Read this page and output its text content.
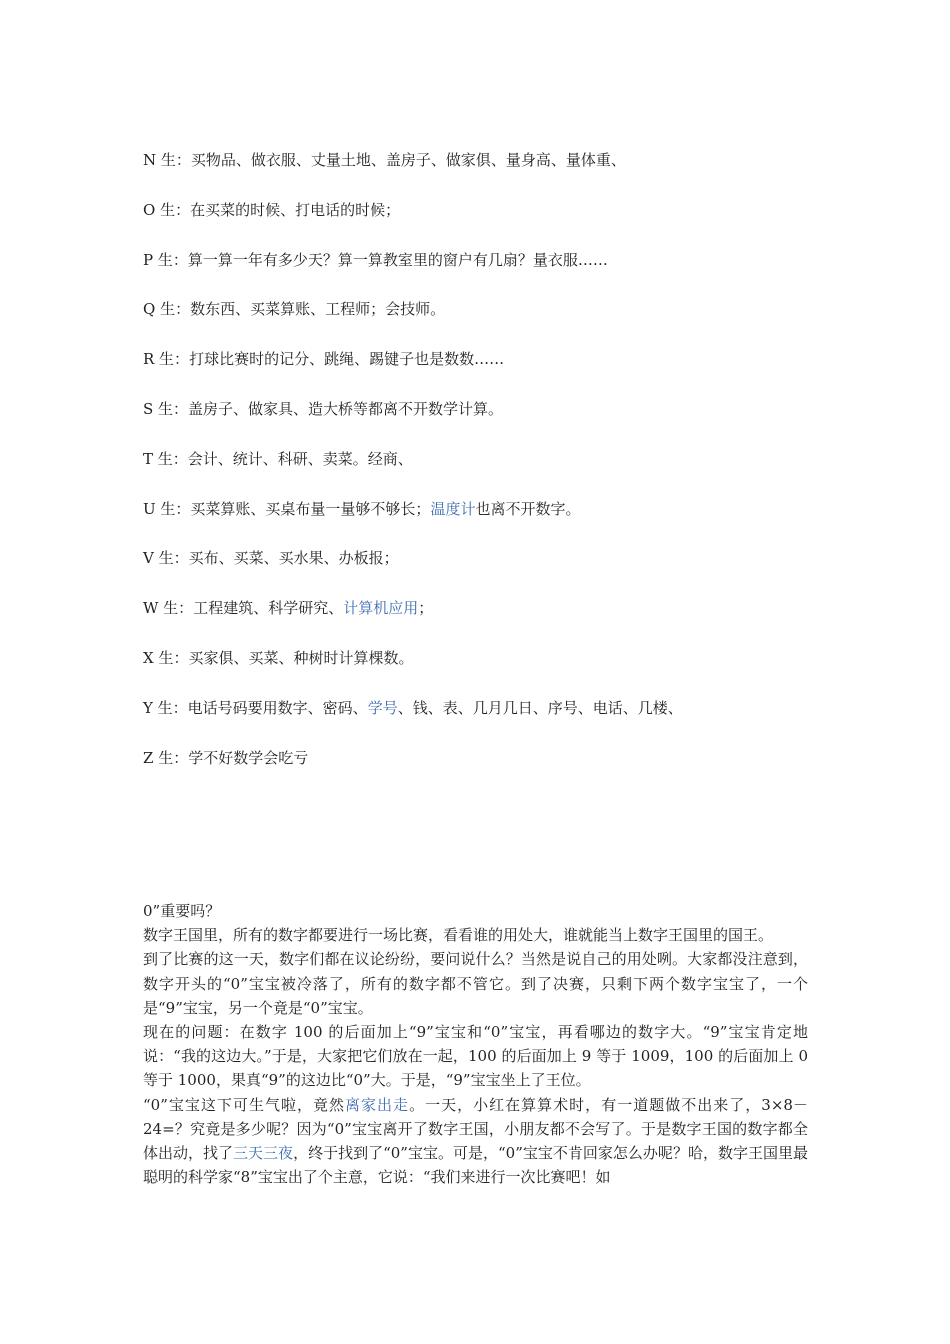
N 生：买物品、做衣服、丈量土地、盖房子、做家俱、量身高、量体重、
O 生：在买菜的时候、打电话的时候；
P 生：算一算一年有多少天？算一算教室里的窗户有几扇？量衣服……
Q 生：数东西、买菜算账、工程师；会技师。
R 生：打球比赛时的记分、跳绳、踢键子也是数数……
S 生：盖房子、做家具、造大桥等都离不开数学计算。
T 生：会计、统计、科研、卖菜。经商、
U 生：买菜算账、买桌布量一量够不够长；温度计也离不开数字。
V 生：买布、买菜、买水果、办板报；
W 生：工程建筑、科学研究、计算机应用；
X 生：买家俱、买菜、种树时计算棵数。
Y 生：电话号码要用数字、密码、学号、钱、表、几月几日、序号、电话、几楼、
Z 生：学不好数学会吃亏

0”重要吗？

数字王国里，所有的数字都要进行一场比赛，看看谁的用处大，谁就能当上数字王国里的国王。

到了比赛的这一天，数字们都在议论纷纷，要问说什么？当然是说自己的用处咧。大家都没注意到，数字开头的“0”宝宝被冷落了，所有的数字都不管它。到了决赛，只剩下两个数字宝宝了，一个是“9”宝宝，另一个竟是“0”宝宝。

现在的问题：在数字 100 的后面加上“9”宝宝和“0”宝宝，再看哪边的数字大。“9”宝宝肯定地说：“我的这边大。”于是，大家把它们放在一起，100 的后面加上 9 等于 1009，100 的后面加上 0 等于 1000，果真“9”的这边比“0”大。于是，“9”宝宝坐上了王位。

“0”宝宝这下可生气啦，竟然离家出走。一天，小红在算算术时，有一道题做不出来了，3×8－24=？究竟是多少呢？因为“0”宝宝离开了数字王国，小朋友都不会写了。于是数字王国的数字都全体出动，找了三天三夜，终于找到了“0”宝宝。可是，“0”宝宝不肯回家怎么办呢？哈，数字王国里最聪明的科学家“8”宝宝出了个主意，它说：“我们来进行一次比赛吧！如
